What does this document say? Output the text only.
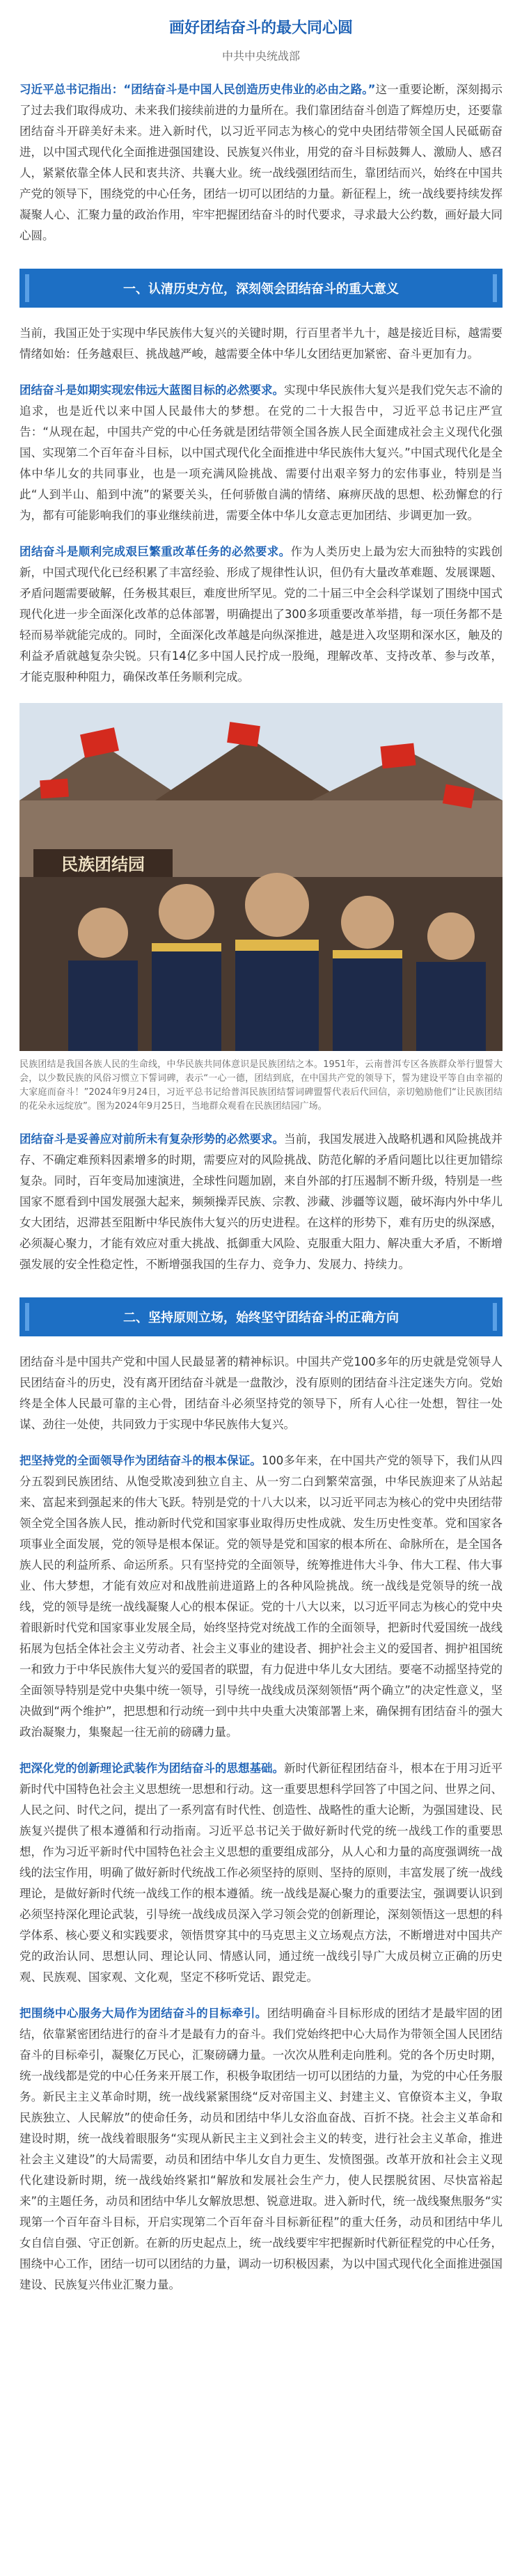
画好团结奋斗的最大同心圆
中共中央统战部

习近平总书记指出：“团结奋斗是中国人民创造历史伟业的必由之路。”这一重要论断，深刻揭示了过去我们取得成功、未来我们接续前进的力量所在。我们靠团结奋斗创造了辉煌历史，还要靠团结奋斗开辟美好未来。进入新时代，以习近平同志为核心的党中央团结带领全国人民砥砺奋进，以中国式现代化全面推进强国建设、民族复兴伟业，用党的奋斗目标鼓舞人、激励人、感召人，紧紧依靠全体人民和衷共济、共襄大业。统一战线强团结而生，靠团结而兴，始终在中国共产党的领导下，围绕党的中心任务，团结一切可以团结的力量。新征程上，统一战线要持续发挥凝聚人心、汇聚力量的政治作用，牢牢把握团结奋斗的时代要求，寻求最大公约数，画好最大同心圆。

一、认清历史方位，深刻领会团结奋斗的重大意义

当前，我国正处于实现中华民族伟大复兴的关键时期，行百里者半九十，越是接近目标，越需要情绪如始：任务越艰巨、挑战越严峻，越需要全体中华儿女团结更加紧密、奋斗更加有力。

团结奋斗是如期实现宏伟远大蓝图目标的必然要求。实现中华民族伟大复兴是我们党矢志不渝的追求，也是近代以来中国人民最伟大的梦想。在党的二十大报告中，习近平总书记庄严宣告：“从现在起，中国共产党的中心任务就是团结带领全国各族人民全面建成社会主义现代化强国、实现第二个百年奋斗目标，以中国式现代化全面推进中华民族伟大复兴。”中国式现代化是全体中华儿女的共同事业，也是一项充满风险挑战、需要付出艰辛努力的宏伟事业，特别是当此“人到半山、船到中流”的紧要关头，任何骄傲自满的情绪、麻痹厌战的思想、松劲懈怠的行为，都有可能影响我们的事业继续前进，需要全体中华儿女意志更加团结、步调更加一致。

团结奋斗是顺利完成艰巨繁重改革任务的必然要求。作为人类历史上最为宏大而独特的实践创新，中国式现代化已经积累了丰富经验、形成了规律性认识，但仍有大量改革难题、发展课题、矛盾问题需要破解，任务极其艰巨，难度世所罕见。党的二十届三中全会科学谋划了围绕中国式现代化进一步全面深化改革的总体部署，明确提出了300多项重要改革举措，每一项任务都不是轻而易举就能完成的。同时，全面深化改革越是向纵深推进，越是进入攻坚期和深水区，触及的利益矛盾就越复杂尖锐。只有14亿多中国人民拧成一股绳，理解改革、支持改革、参与改革，才能克服种种阻力，确保改革任务顺利完成。

民族团结园
民族团结是我国各族人民的生命线，中华民族共同体意识是民族团结之本。1951年，云南普洱专区各族群众举行盟誓大会，以少数民族的风俗习惯立下誓词碑，表示“一心一德，团结到底，在中国共产党的领导下，誓为建设平等自由幸福的大家庭而奋斗！”2024年9月24日，习近平总书记给普洱民族团结誓词碑盟誓代表后代回信，亲切勉励他们“让民族团结的花朵永远绽放”。图为2024年9月25日，当地群众观看在民族团结园广场。

团结奋斗是妥善应对前所未有复杂形势的必然要求。当前，我国发展进入战略机遇和风险挑战并存、不确定难预料因素增多的时期，需要应对的风险挑战、防范化解的矛盾问题比以往更加错综复杂。同时，百年变局加速演进，全球性问题加剧，来自外部的打压遏制不断升级，特别是一些国家不愿看到中国发展强大起来，频频操弄民族、宗教、涉藏、涉疆等议题，破坏海内外中华儿女大团结，迟滞甚至阻断中华民族伟大复兴的历史进程。在这样的形势下，难有历史的纵深感，必须凝心聚力，才能有效应对重大挑战、抵御重大风险、克服重大阻力、解决重大矛盾，不断增强发展的安全性稳定性，不断增强我国的生存力、竞争力、发展力、持续力。

二、坚持原则立场，始终坚守团结奋斗的正确方向

团结奋斗是中国共产党和中国人民最显著的精神标识。中国共产党100多年的历史就是党领导人民团结奋斗的历史，没有离开团结奋斗就是一盘散沙，没有原则的团结奋斗注定迷失方向。党始终是全体人民最可靠的主心骨，团结奋斗必须坚持党的领导下，所有人心往一处想，智往一处谋、劲往一处使，共同致力于实现中华民族伟大复兴。

把坚持党的全面领导作为团结奋斗的根本保证。100多年来，在中国共产党的领导下，我们从四分五裂到民族团结、从饱受欺凌到独立自主、从一穷二白到繁荣富强，中华民族迎来了从站起来、富起来到强起来的伟大飞跃。特别是党的十八大以来，以习近平同志为核心的党中央团结带领全党全国各族人民，推动新时代党和国家事业取得历史性成就、发生历史性变革。党和国家各项事业全面发展，党的领导是根本保证。党的领导是党和国家的根本所在、命脉所在，是全国各族人民的利益所系、命运所系。只有坚持党的全面领导，统筹推进伟大斗争、伟大工程、伟大事业、伟大梦想，才能有效应对和战胜前进道路上的各种风险挑战。统一战线是党领导的统一战线，党的领导是统一战线凝聚人心的根本保证。党的十八大以来，以习近平同志为核心的党中央着眼新时代党和国家事业发展全局，始终坚持党对统战工作的全面领导，把新时代爱国统一战线拓展为包括全体社会主义劳动者、社会主义事业的建设者、拥护社会主义的爱国者、拥护祖国统一和致力于中华民族伟大复兴的爱国者的联盟，有力促进中华儿女大团结。要毫不动摇坚持党的全面领导特别是党中央集中统一领导，引导统一战线成员深刻领悟“两个确立”的决定性意义，坚决做到“两个维护”，把思想和行动统一到中共中央重大决策部署上来，确保拥有团结奋斗的强大政治凝聚力，集聚起一往无前的磅礴力量。

把深化党的创新理论武装作为团结奋斗的思想基础。新时代新征程团结奋斗，根本在于用习近平新时代中国特色社会主义思想统一思想和行动。这一重要思想科学回答了中国之问、世界之问、人民之问、时代之问，提出了一系列富有时代性、创造性、战略性的重大论断，为强国建设、民族复兴提供了根本遵循和行动指南。习近平总书记关于做好新时代党的统一战线工作的重要思想，作为习近平新时代中国特色社会主义思想的重要组成部分，从人心和力量的高度强调统一战线的法宝作用，明确了做好新时代统战工作必须坚持的原则、坚持的原则，丰富发展了统一战线理论，是做好新时代统一战线工作的根本遵循。统一战线是凝心聚力的重要法宝，强调要认识到必须坚持深化理论武装，引导统一战线成员深入学习领会党的创新理论，深刻领悟这一思想的科学体系、核心要义和实践要求，领悟贯穿其中的马克思主义立场观点方法，不断增进对中国共产党的政治认同、思想认同、理论认同、情感认同，通过统一战线引导广大成员树立正确的历史观、民族观、国家观、文化观，坚定不移听党话、跟党走。

把围绕中心服务大局作为团结奋斗的目标牵引。团结明确奋斗目标形成的团结才是最牢固的团结，依靠紧密团结进行的奋斗才是最有力的奋斗。我们党始终把中心大局作为带领全国人民团结奋斗的目标牵引，凝聚亿万民心，汇聚磅礴力量。一次次从胜利走向胜利。党的各个历史时期，统一战线都是党的中心任务来开展工作，积极争取团结一切可以团结的力量，为党的中心任务服务。新民主主义革命时期，统一战线紧紧围绕“反对帝国主义、封建主义、官僚资本主义，争取民族独立、人民解放”的使命任务，动员和团结中华儿女浴血奋战、百折不挠。社会主义革命和建设时期，统一战线着眼服务“实现从新民主主义到社会主义的转变，进行社会主义革命，推进社会主义建设”的大局需要，动员和团结中华儿女自力更生、发愤图强。改革开放和社会主义现代化建设新时期，统一战线始终紧扣“解放和发展社会生产力，使人民摆脱贫困、尽快富裕起来”的主题任务，动员和团结中华儿女解放思想、锐意进取。进入新时代，统一战线聚焦服务“实现第一个百年奋斗目标，开启实现第二个百年奋斗目标新征程”的重大任务，动员和团结中华儿女自信自强、守正创新。在新的历史起点上，统一战线要牢牢把握新时代新征程党的中心任务，围绕中心工作，团结一切可以团结的力量，调动一切积极因素，为以中国式现代化全面推进强国建设、民族复兴伟业汇聚力量。
